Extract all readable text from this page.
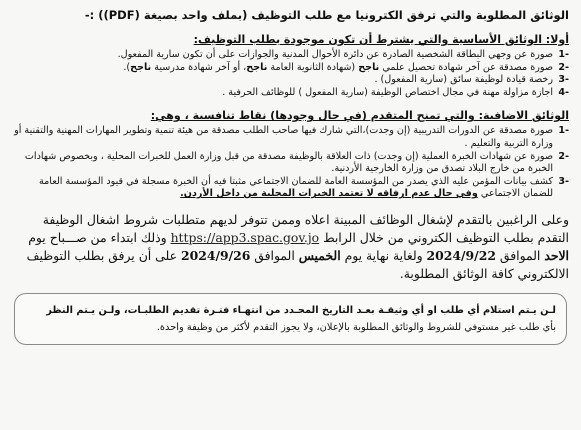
الوثائق المطلوبة والتي ترفق الكترونيا مع طلب التوظيف (بملف واحد بصيغة (PDF)) :-

أولا: الوثائق الأساسية والتي يشترط أن تكون موجودة بطلب التوظيف:

-1
صورة عن وجهي البطاقة الشخصية الصادرة عن دائرة الأحوال المدنية والجوازات على أن تكون سارية المفعول.
-2
صورة مصدقة عن آخر شهادة تحصيل علمي ناجح (شهادة الثانوية العامة ناجح، أو آخر شهادة مدرسية ناجح).
-3
رخصة قيادة لوظيفة سائق (سارية المفعول) .
-4
اجازة مزاولة مهنة في مجال اختصاص الوظيفة (سارية المفعول ) للوظائف الحرفية .

الوثائق الاضافية: والتي تمنح المتقدم (في حال وجودها) نقاط تنافسية ، وهي:

-1
صورة مصدقة عن الدورات التدريبية (إن وجدت)،التي شارك فيها صاحب الطلب مصدقة من هيئة تنمية وتطوير المهارات المهنية والتقنية أو وزارة التربية والتعليم .
-2
صورة عن شهادات الخبرة العملية (إن وجدت) ذات العلاقة بالوظيفة مصدقة من قبل وزارة العمل للخبرات المحلية ، وبخصوص شهادات الخبرة من خارج البلاد تصدق من وزارة الخارجية الأردنية.
-3
كشف بيانات المؤمن عليه الذي يصدر من المؤسسة العامة للضمان الاجتماعي مثبتا فيه أن الخبرة مسجلة في قيود المؤسسة العامة للضمان الاجتماعي وفي حال عدم ارفاقه لا تعتمد الخبرات المحلية من داخل الأردن.

وعلى الراغبين بالتقدم لإشغال الوظائف المبينة اعلاه وممن تتوفر لديهم متطلبات شروط اشغال الوظيفة التقدم بطلب التوظيف الكتروني من خلال الرابط https://app3.spac.gov.jo وذلك ابتداء من صـــباح يوم الاحد الموافق 2024/9/22 ولغاية نهاية يوم الخميس الموافق 2024/9/26 على أن يرفق بطلب التوظيف الالكتروني كافة الوثائق المطلوبة.

لـن يـتم استلام أي طلب او أي وثيقـة بعـد التاريخ المحـدد من انتهـاء فتـرة تقديم الطلبـات، ولـن يـتم النظر

بأي طلب غير مستوفي للشروط والوثائق المطلوبة بالإعلان، ولا يجوز التقدم لأكثر من وظيفة واحدة.
